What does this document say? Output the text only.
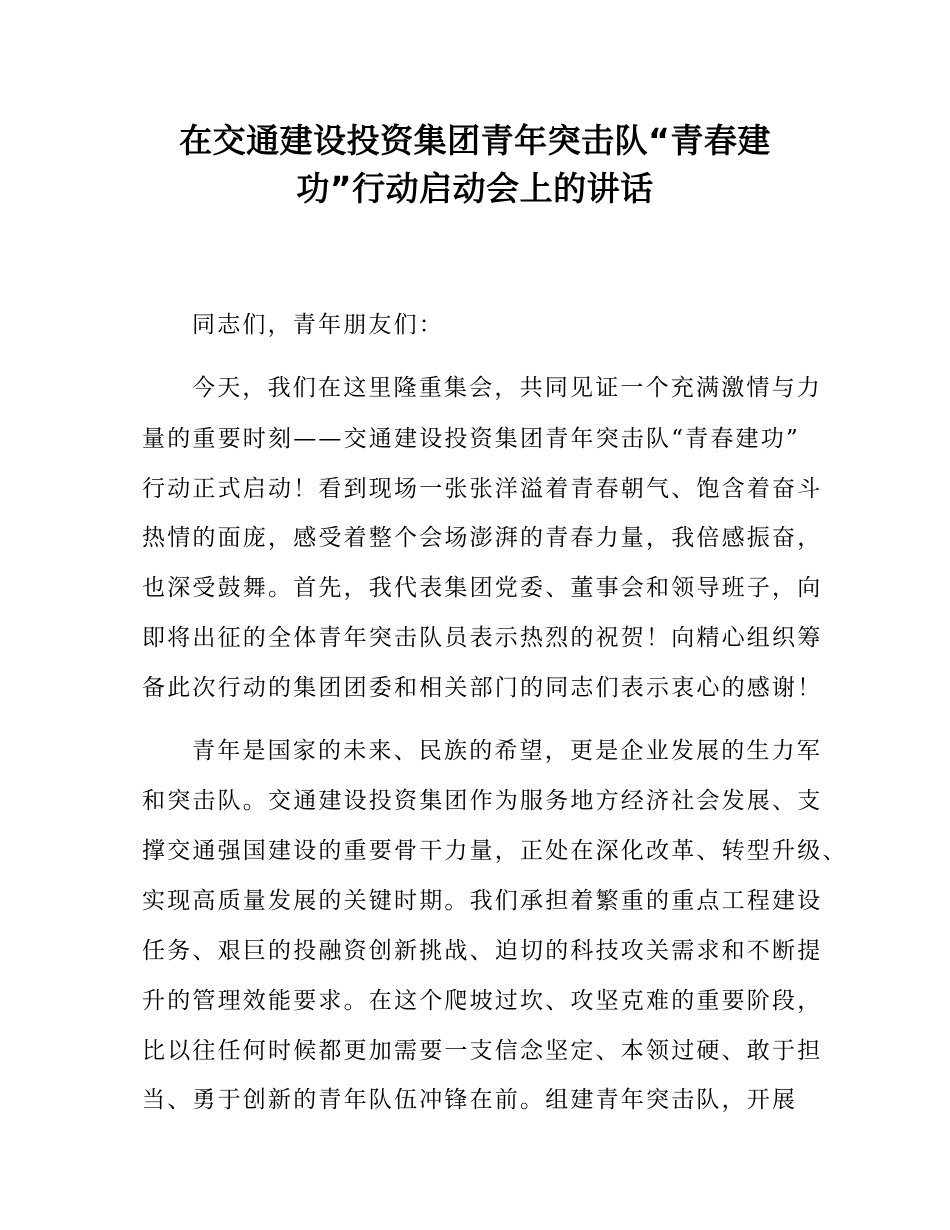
在交通建设投资集团青年突击队“青春建
功”行动启动会上的讲话

同志们，青年朋友们：

今天，我们在这里隆重集会，共同见证一个充满激情与力

量的重要时刻——交通建设投资集团青年突击队“青春建功”

行动正式启动！看到现场一张张洋溢着青春朝气、饱含着奋斗

热情的面庞，感受着整个会场澎湃的青春力量，我倍感振奋，

也深受鼓舞。首先，我代表集团党委、董事会和领导班子，向

即将出征的全体青年突击队员表示热烈的祝贺！向精心组织筹

备此次行动的集团团委和相关部门的同志们表示衷心的感谢！

青年是国家的未来、民族的希望，更是企业发展的生力军

和突击队。交通建设投资集团作为服务地方经济社会发展、支

撑交通强国建设的重要骨干力量，正处在深化改革、转型升级、

实现高质量发展的关键时期。我们承担着繁重的重点工程建设

任务、艰巨的投融资创新挑战、迫切的科技攻关需求和不断提

升的管理效能要求。在这个爬坡过坎、攻坚克难的重要阶段，

比以往任何时候都更加需要一支信念坚定、本领过硬、敢于担

当、勇于创新的青年队伍冲锋在前。组建青年突击队，开展
